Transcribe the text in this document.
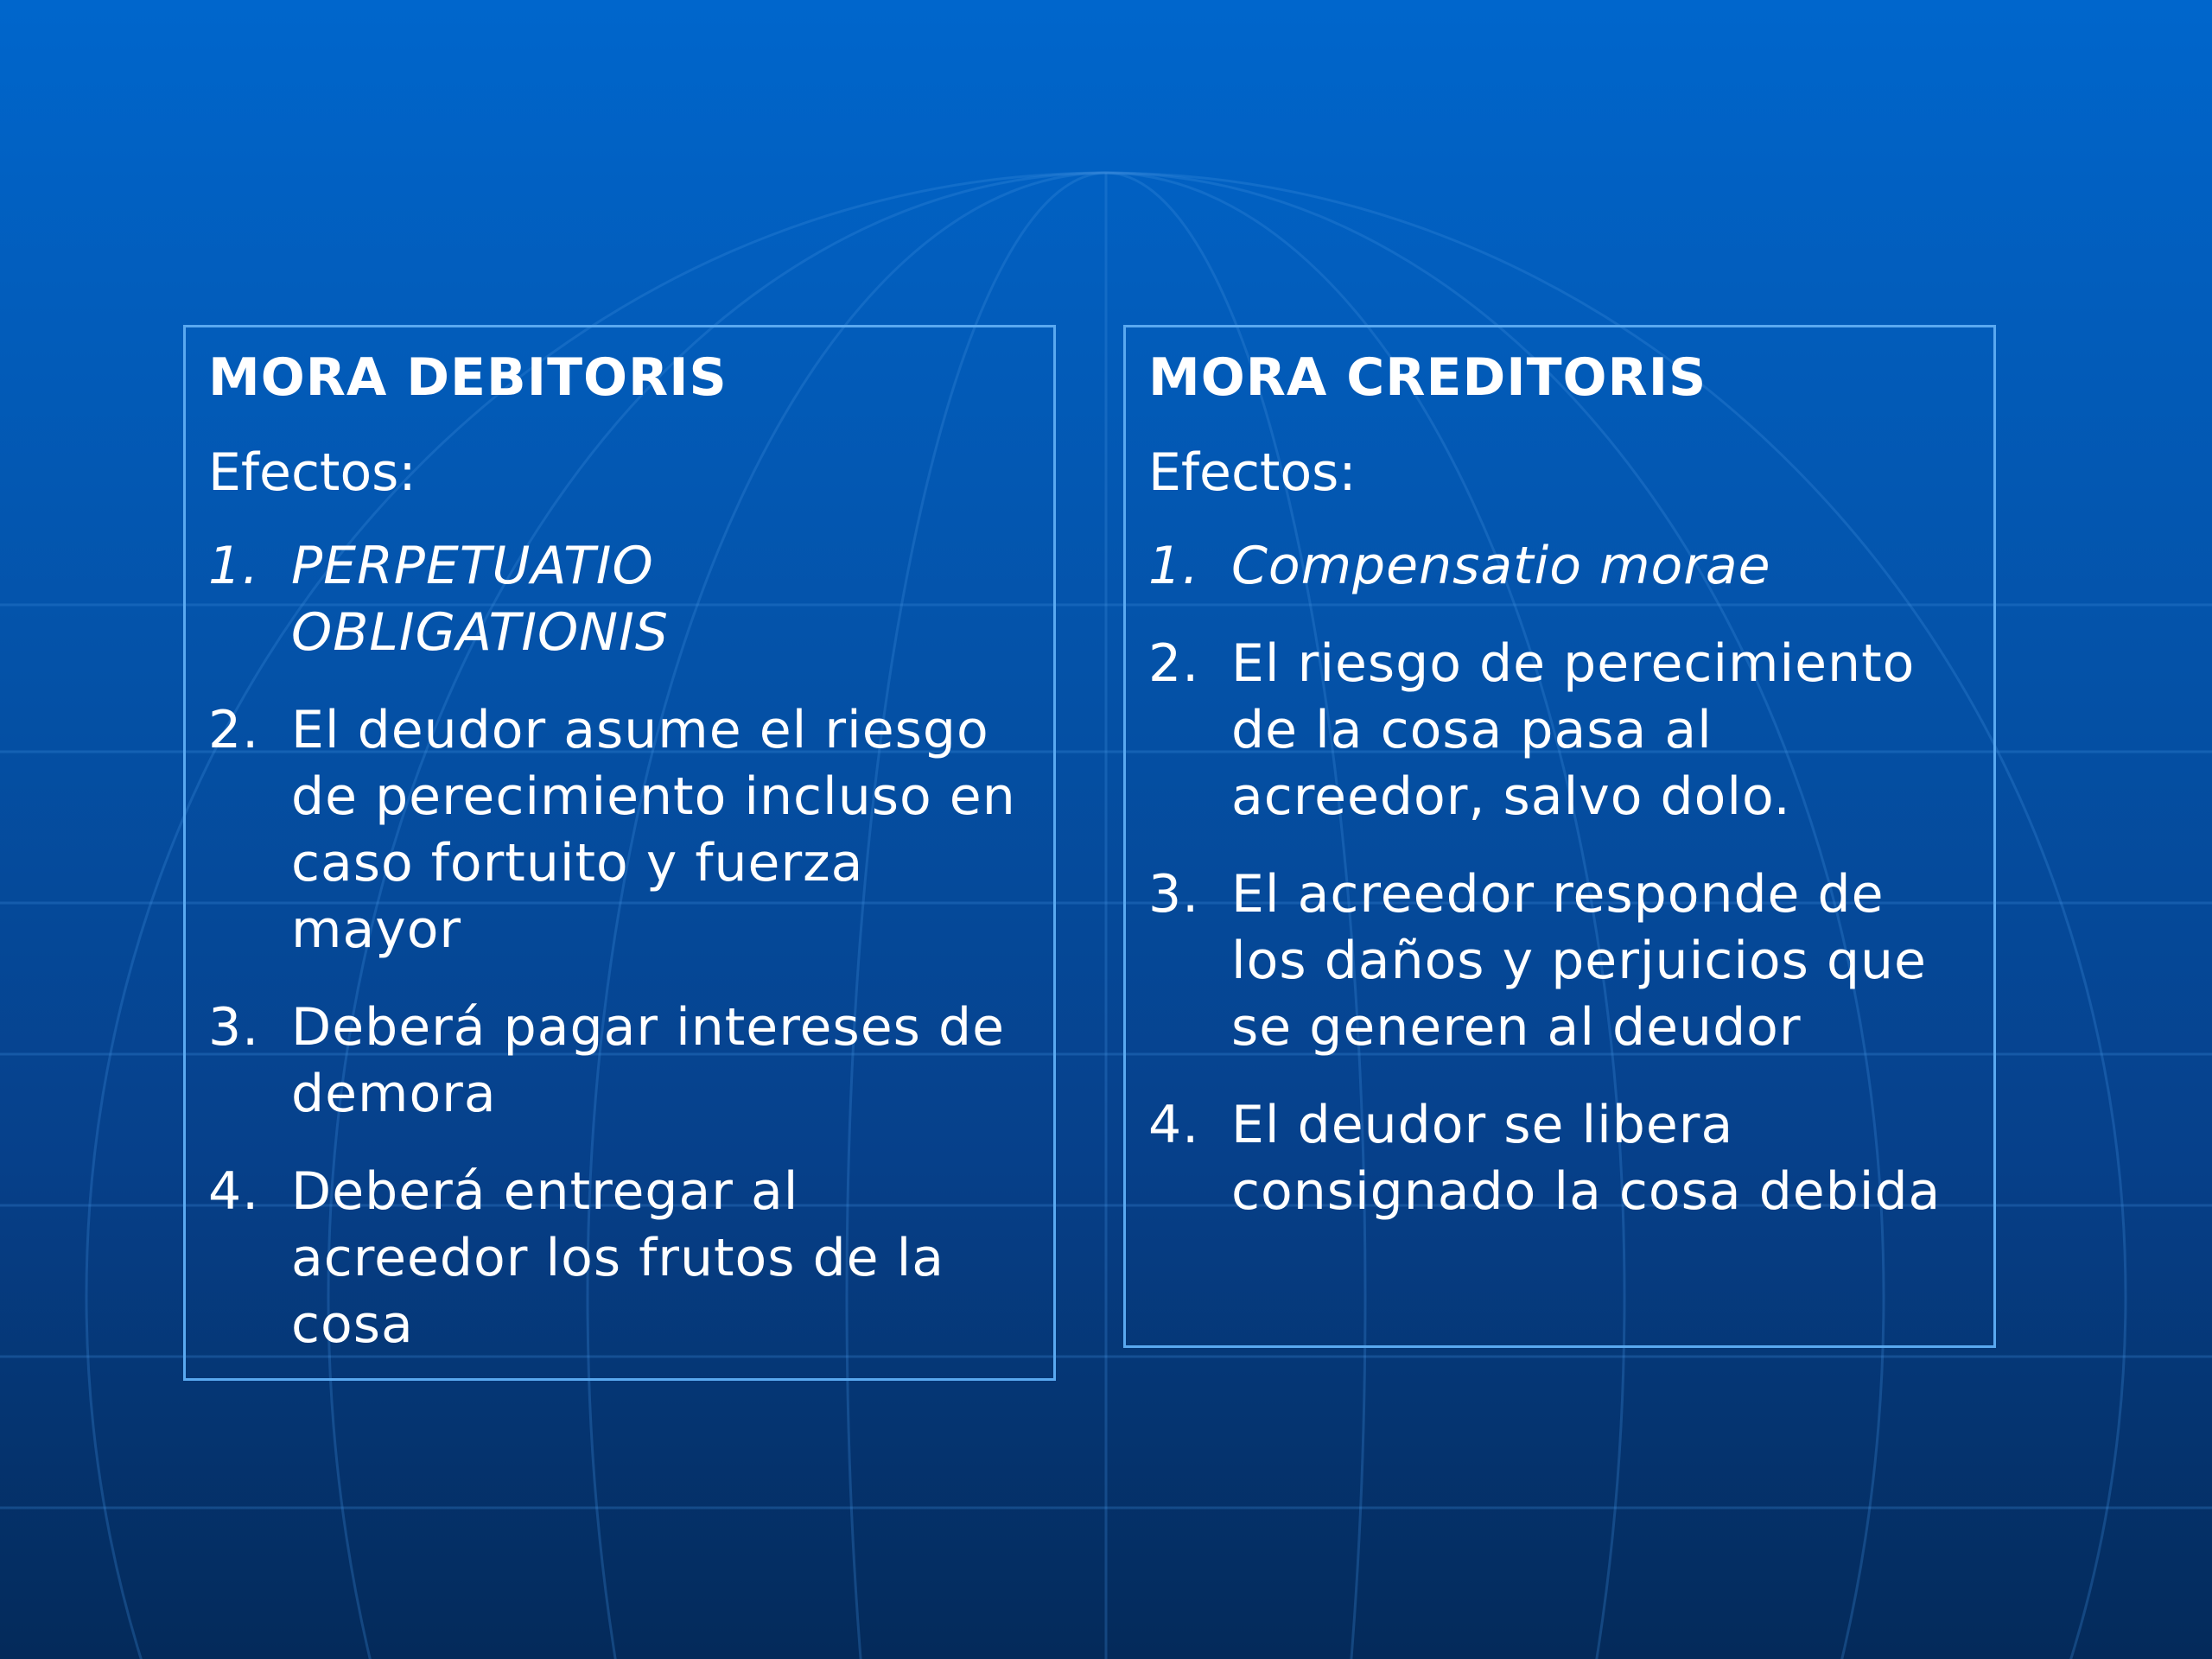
MORA DEBITORIS
Efectos:
1. PERPETUATIO OBLIGATIONIS
2. El deudor asume el riesgo de perecimiento incluso en caso fortuito y fuerza mayor
3. Deberá pagar intereses de demora
4. Deberá entregar al acreedor los frutos de la cosa
MORA CREDITORIS
Efectos:
1. Compensatio morae
2. El riesgo de perecimiento de la cosa pasa al acreedor, salvo dolo.
3. El acreedor responde de los daños y perjuicios que se generen al deudor
4. El deudor se libera consignado la cosa debida
